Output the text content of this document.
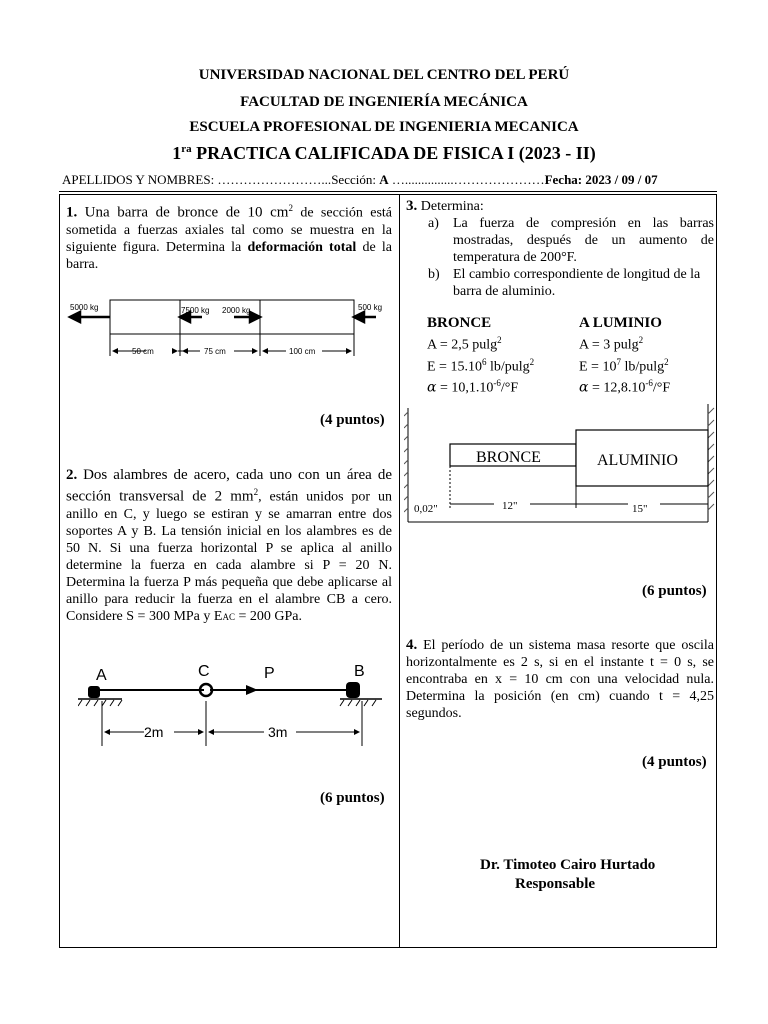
UNIVERSIDAD NACIONAL DEL CENTRO DEL PERÚ
FACULTAD DE INGENIERÍA MECÁNICA
ESCUELA PROFESIONAL DE INGENIERIA MECANICA
$1^{ra}$ PRACTICA CALIFICADA DE FISICA I (2023 - II)
APELLIDOS Y NOMBRES: ……………………...Sección: A …...............…………………Fecha: 2023 / 09 / 07
1. Una barra de bronce de 10 $cm^2$ de sección está sometida a fuerzas axiales tal como se muestra en la siguiente figura. Determina la deformación total de la barra.
5000 kg	7500 kg 2000 kg	500 kg
50 cm	75 cm	100 cm
(4 puntos)
2. Dos alambres de acero, cada uno con un área de sección transversal de 2 $mm^2$, están unidos por un anillo en C, y luego se estiran y se amarran entre dos soportes A y B. La tensión inicial en los alambres es de 50 N. Si una fuerza horizontal P se aplica al anillo determine la fuerza en cada alambre si P = 20 N. Determina la fuerza P más pequeña que debe aplicarse al anillo para reducir la fuerza en el alambre CB a cero. Considere S = 300 MPa y EAC = 200 GPa.
A	C	P	B
2m	3m
(6 puntos)
3. Determina:
a)	La fuerza de compresión en las barras mostradas, después de un aumento de temperatura de 200°F.
b) El cambio correspondiente de longitud de la barra de aluminio.
BRONCE
A = 2,5 pulg$^2$
$E = 15.10^6$ lb/pulg$^2$
$\alpha = 10,1.10^{-6}/^\circ F$
A LUMINIO
A = 3 pulg$^2$
$E = 10^7$ lb/pulg$^2$
$\alpha = 12,8.10^{-6}/^\circ F$
BRONCE	ALUMINIO
0,02"	12"	15"
(6 puntos)
4. El período de un sistema masa resorte que oscila horizontalmente es 2 s, si en el instante t = 0 s, se encontraba en x = 10 cm con una velocidad nula. Determina la posición (en cm) cuando t = 4,25 segundos.
(4 puntos)
Dr. Timoteo Cairo Hurtado
Responsable
